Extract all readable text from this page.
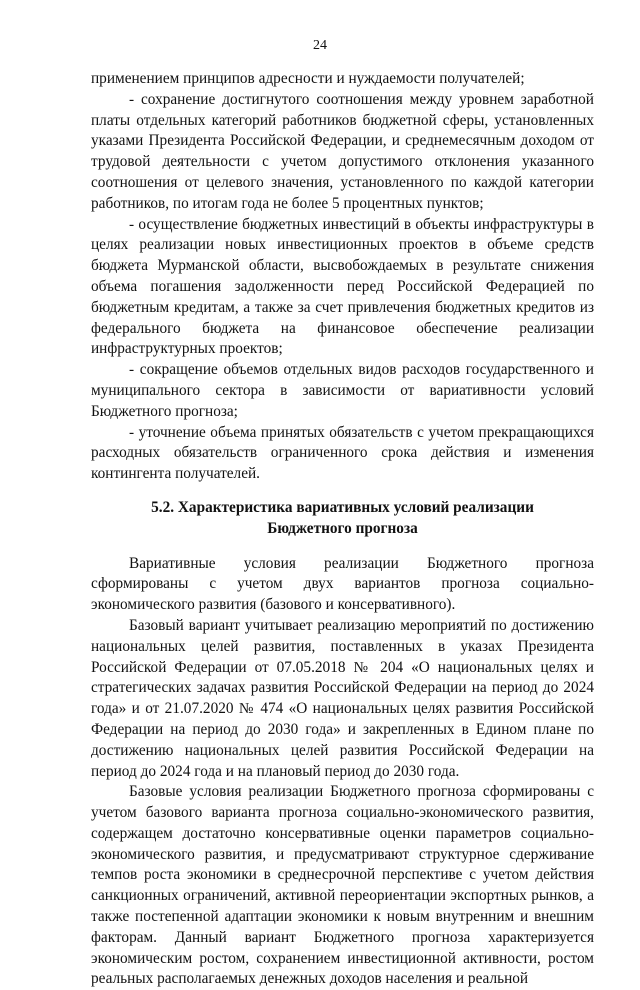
24

применением принципов адресности и нуждаемости получателей;

- сохранение достигнутого соотношения между уровнем заработной платы отдельных категорий работников бюджетной сферы, установленных указами Президента Российской Федерации, и среднемесячным доходом от трудовой деятельности с учетом допустимого отклонения указанного соотношения от целевого значения, установленного по каждой категории работников, по итогам года не более 5 процентных пунктов;

- осуществление бюджетных инвестиций в объекты инфраструктуры в целях реализации новых инвестиционных проектов в объеме средств бюджета Мурманской области, высвобождаемых в результате снижения объема погашения задолженности перед Российской Федерацией по бюджетным кредитам, а также за счет привлечения бюджетных кредитов из федерального бюджета на финансовое обеспечение реализации инфраструктурных проектов;

- сокращение объемов отдельных видов расходов государственного и муниципального сектора в зависимости от вариативности условий Бюджетного прогноза;

- уточнение объема принятых обязательств с учетом прекращающихся расходных обязательств ограниченного срока действия и изменения контингента получателей.

5.2. Характеристика вариативных условий реализации
Бюджетного прогноза

Вариативные условия реализации Бюджетного прогноза сформированы с учетом двух вариантов прогноза социально-экономического развития (базового и консервативного).

Базовый вариант учитывает реализацию мероприятий по достижению национальных целей развития, поставленных в указах Президента Российской Федерации от 07.05.2018 № 204 «О национальных целях и стратегических задачах развития Российской Федерации на период до 2024 года» и от 21.07.2020 № 474 «О национальных целях развития Российской Федерации на период до 2030 года» и закрепленных в Едином плане по достижению национальных целей развития Российской Федерации на период до 2024 года и на плановый период до 2030 года.

Базовые условия реализации Бюджетного прогноза сформированы с учетом базового варианта прогноза социально-экономического развития, содержащем достаточно консервативные оценки параметров социально-экономического развития, и предусматривают структурное сдерживание темпов роста экономики в среднесрочной перспективе с учетом действия санкционных ограничений, активной переориентации экспортных рынков, а также постепенной адаптации экономики к новым внутренним и внешним факторам. Данный вариант Бюджетного прогноза характеризуется экономическим ростом, сохранением инвестиционной активности, ростом реальных располагаемых денежных доходов населения и реальной
